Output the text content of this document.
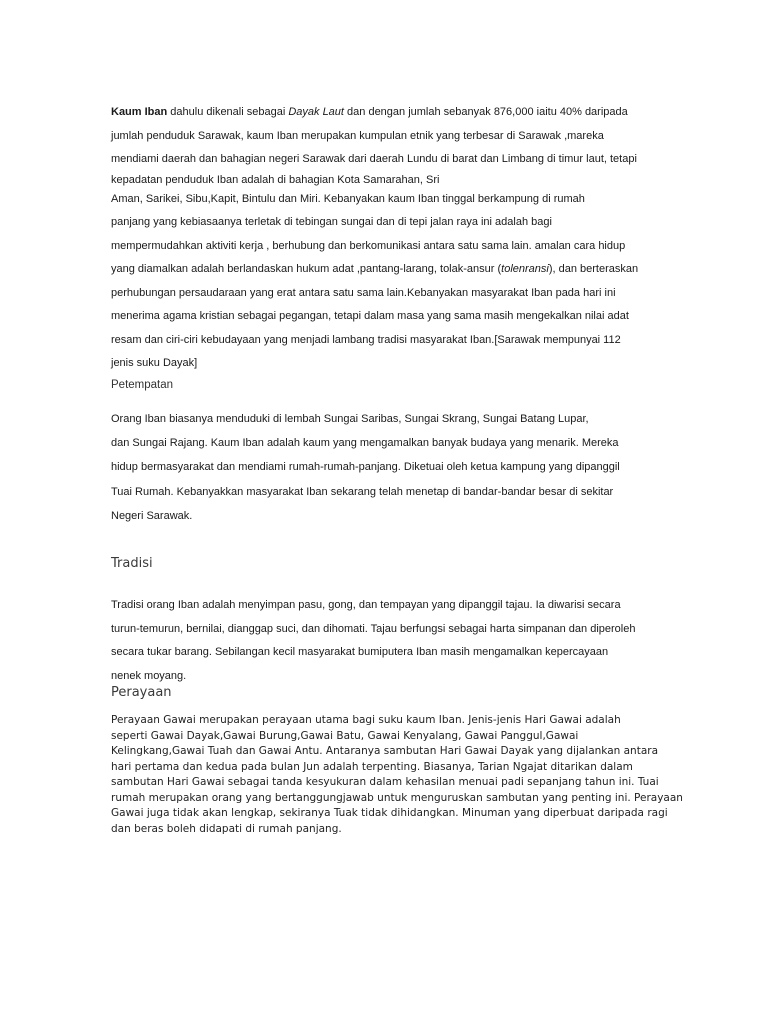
Kaum Iban dahulu dikenali sebagai Dayak Laut dan dengan jumlah sebanyak 876,000 iaitu 40% daripada
jumlah penduduk Sarawak, kaum Iban merupakan kumpulan etnik yang terbesar di Sarawak ,mareka
mendiami daerah dan bahagian negeri Sarawak dari daerah Lundu di barat dan Limbang di timur laut, tetapi
kepadatan penduduk Iban adalah di bahagian Kota Samarahan, Sri
Aman, Sarikei, Sibu,Kapit, Bintulu dan Miri. Kebanyakan kaum Iban tinggal berkampung di rumah
panjang yang kebiasaanya terletak di tebingan sungai dan di tepi jalan raya ini adalah bagi
mempermudahkan aktiviti kerja , berhubung dan berkomunikasi antara satu sama lain. amalan cara hidup
yang diamalkan adalah berlandaskan hukum adat ,pantang-larang, tolak-ansur (tolenransi), dan berteraskan
perhubungan persaudaraan yang erat antara satu sama lain.Kebanyakan masyarakat Iban pada hari ini
menerima agama kristian sebagai pegangan, tetapi dalam masa yang sama masih mengekalkan nilai adat
resam dan ciri-ciri kebudayaan yang menjadi lambang tradisi masyarakat Iban.[Sarawak mempunyai 112
jenis suku Dayak]
Petempatan
Orang Iban biasanya menduduki di lembah Sungai Saribas, Sungai Skrang, Sungai Batang Lupar,
dan Sungai Rajang. Kaum Iban adalah kaum yang mengamalkan banyak budaya yang menarik. Mereka
hidup bermasyarakat dan mendiami rumah-rumah-panjang. Diketuai oleh ketua kampung yang dipanggil
Tuai Rumah. Kebanyakkan masyarakat Iban sekarang telah menetap di bandar-bandar besar di sekitar
Negeri Sarawak.
Tradisi
Tradisi orang Iban adalah menyimpan pasu, gong, dan tempayan yang dipanggil tajau. Ia diwarisi secara
turun-temurun, bernilai, dianggap suci, dan dihomati. Tajau berfungsi sebagai harta simpanan dan diperoleh
secara tukar barang. Sebilangan kecil masyarakat bumiputera Iban masih mengamalkan kepercayaan
nenek moyang.
Perayaan
Perayaan Gawai merupakan perayaan utama bagi suku kaum Iban. Jenis-jenis Hari Gawai adalah
seperti Gawai Dayak,Gawai Burung,Gawai Batu, Gawai Kenyalang, Gawai Panggul,Gawai
Kelingkang,Gawai Tuah dan Gawai Antu. Antaranya sambutan Hari Gawai Dayak yang dijalankan antara
hari pertama dan kedua pada bulan Jun adalah terpenting. Biasanya, Tarian Ngajat ditarikan dalam
sambutan Hari Gawai sebagai tanda kesyukuran dalam kehasilan menuai padi sepanjang tahun ini. Tuai
rumah merupakan orang yang bertanggungjawab untuk menguruskan sambutan yang penting ini. Perayaan
Gawai juga tidak akan lengkap, sekiranya Tuak tidak dihidangkan. Minuman yang diperbuat daripada ragi
dan beras boleh didapati di rumah panjang.
